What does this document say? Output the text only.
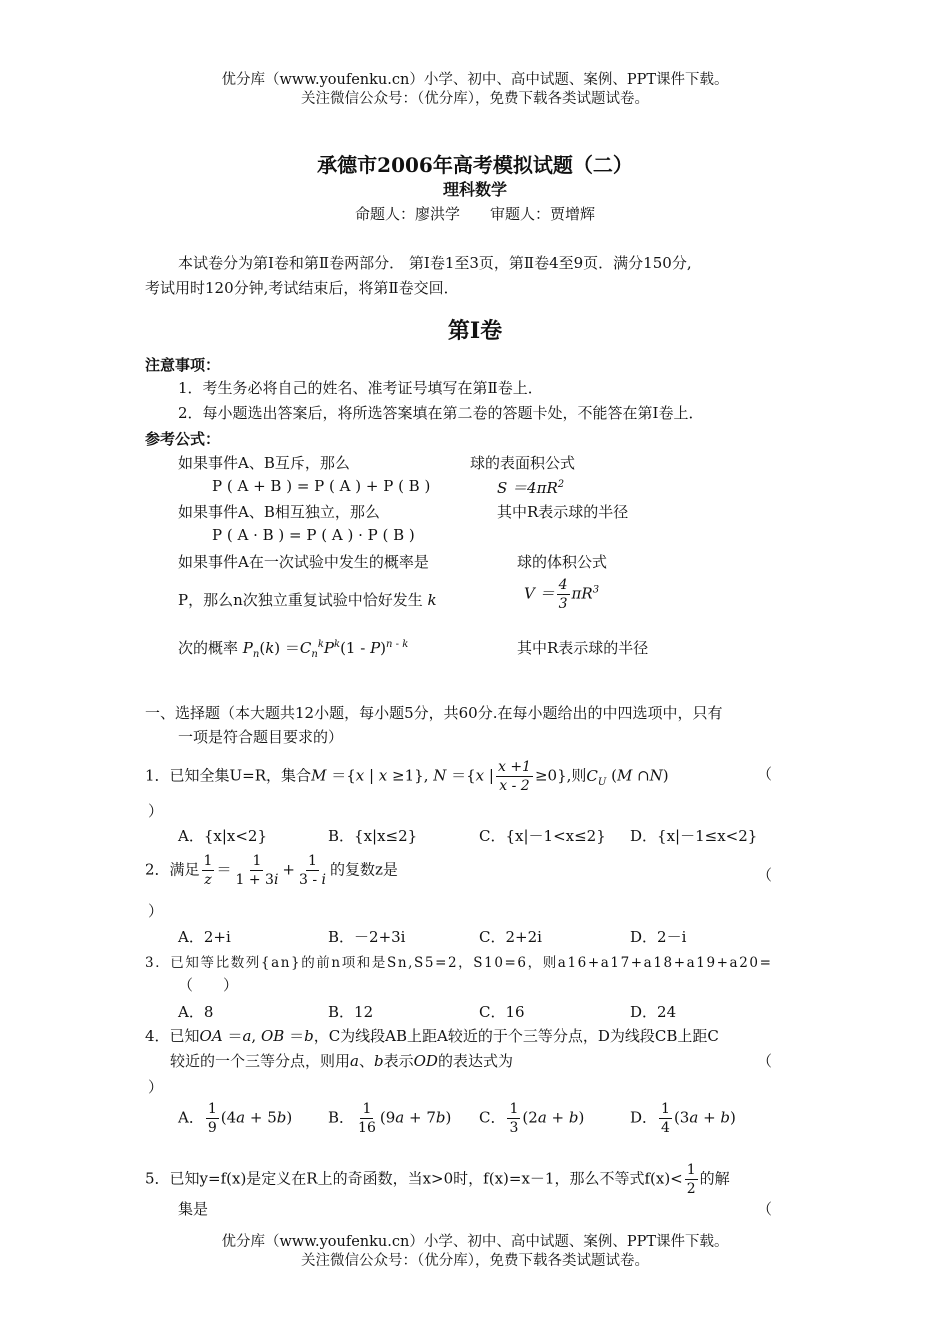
优分库（www.youfenku.cn）小学、初中、高中试题、案例、PPT课件下载。
关注微信公众号：（优分库），免费下载各类试题试卷。
承德市2006年高考模拟试题（二）
理科数学
命题人：廖洪学　　审题人：贾增辉
本试卷分为第Ⅰ卷和第Ⅱ卷两部分． 第Ⅰ卷1至3页，第Ⅱ卷4至9页．满分150分,
考试用时120分钟,考试结束后，将第Ⅱ卷交回．
第Ⅰ卷
注意事项：
1．考生务必将自己的姓名、准考证号填写在第Ⅱ卷上．
2．每小题选出答案后，将所选答案填在第二卷的答题卡处，不能答在第Ⅰ卷上．
参考公式：
如果事件A、B互斥，那么	球的表面积公式
P ( A + B ) = P ( A ) + P ( B )	$S =4\pi R^2$
如果事件A、B相互独立，那么	其中R表示球的半径
P ( A · B ) = P ( A ) · P ( B )
如果事件A在一次试验中发生的概率是	球的体积公式
P，那么n次独立重复试验中恰好发生 k	$V = \frac{4}{3} \pi R^3$
次的概率 $P_n(k) =C_n^kP^k(1 - P)^{n - k}$	其中R表示球的半径
一、选择题（本大题共12小题，每小题5分，共60分.在每小题给出的中四选项中，只有
一项是符合题目要求的）
1．已知全集U=R，集合M ＝{x | x ≥1}, N ＝{x | $\frac{x +1}{x - 2} \ge 0$},则$C_U$ (M ∩N)	（
）
A．{x|x<2}	B．{x|x≤2}	C．{x|－1<x≤2} D．{x|－1≤x<2}
2．满足 $\frac{1}{z} = \frac{1}{1 + 3i} + \frac{1}{3 - i}$ 的复数z是	（
）
A．2+i	B．－2+3i	C．2+2i	D．2－i
3．已知等比数列{an}的前n项和是Sn,S5=2，S10=6，则a16+a17+a18+a19+a20=
（　　）
A．8	B．12	C．16	D．24
4．已知OA ＝a, OB ＝b，C为线段AB上距A较近的于个三等分点，D为线段CB上距C
较近的一个三等分点，则用a、b表示OD的表达式为	（
）
A． $\frac{1}{9} (4a + 5b)$ B． $\frac{1}{16} (9a + 7b)$ C． $\frac{1}{3} (2a + b)$	D． $\frac{1}{4} (3a + b)$
5．已知y=f(x)是定义在R上的奇函数，当x>0时，f(x)=x－1，那么不等式$f(x)< \frac{1}{2}$ 的解
集是	（
优分库（www.youfenku.cn）小学、初中、高中试题、案例、PPT课件下载。
关注微信公众号：（优分库），免费下载各类试题试卷。
